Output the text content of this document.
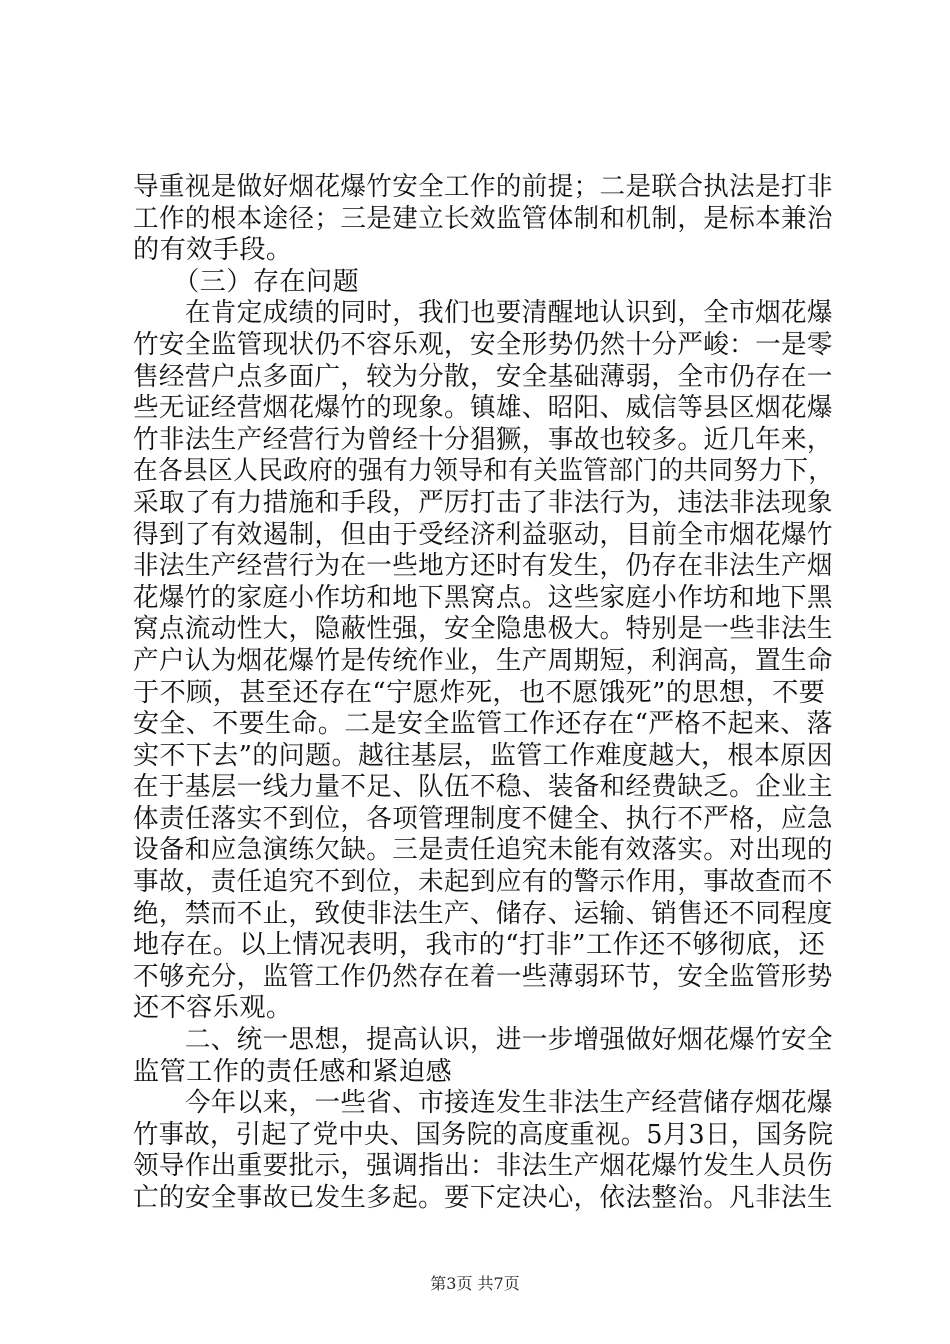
导重视是做好烟花爆竹安全工作的前提；二是联合执法是打非
工作的根本途径；三是建立长效监管体制和机制，是标本兼治
的有效手段。
　　（三）存在问题
　　在肯定成绩的同时，我们也要清醒地认识到，全市烟花爆
竹安全监管现状仍不容乐观，安全形势仍然十分严峻：一是零
售经营户点多面广，较为分散，安全基础薄弱，全市仍存在一
些无证经营烟花爆竹的现象。镇雄、昭阳、威信等县区烟花爆
竹非法生产经营行为曾经十分猖獗，事故也较多。近几年来，
在各县区人民政府的强有力领导和有关监管部门的共同努力下，
采取了有力措施和手段，严厉打击了非法行为，违法非法现象
得到了有效遏制，但由于受经济利益驱动，目前全市烟花爆竹
非法生产经营行为在一些地方还时有发生，仍存在非法生产烟
花爆竹的家庭小作坊和地下黑窝点。这些家庭小作坊和地下黑
窝点流动性大，隐蔽性强，安全隐患极大。特别是一些非法生
产户认为烟花爆竹是传统作业，生产周期短，利润高，置生命
于不顾，甚至还存在“宁愿炸死，也不愿饿死”的思想，不要
安全、不要生命。二是安全监管工作还存在“严格不起来、落
实不下去”的问题。越往基层，监管工作难度越大，根本原因
在于基层一线力量不足、队伍不稳、装备和经费缺乏。企业主
体责任落实不到位，各项管理制度不健全、执行不严格，应急
设备和应急演练欠缺。三是责任追究未能有效落实。对出现的
事故，责任追究不到位，未起到应有的警示作用，事故查而不
绝，禁而不止，致使非法生产、储存、运输、销售还不同程度
地存在。以上情况表明，我市的“打非”工作还不够彻底，还
不够充分，监管工作仍然存在着一些薄弱环节，安全监管形势
还不容乐观。
　　二、统一思想，提高认识，进一步增强做好烟花爆竹安全
监管工作的责任感和紧迫感
　　今年以来，一些省、市接连发生非法生产经营储存烟花爆
竹事故，引起了党中央、国务院的高度重视。5月3日，国务院
领导作出重要批示，强调指出：非法生产烟花爆竹发生人员伤
亡的安全事故已发生多起。要下定决心，依法整治。凡非法生
第3页 共7页
